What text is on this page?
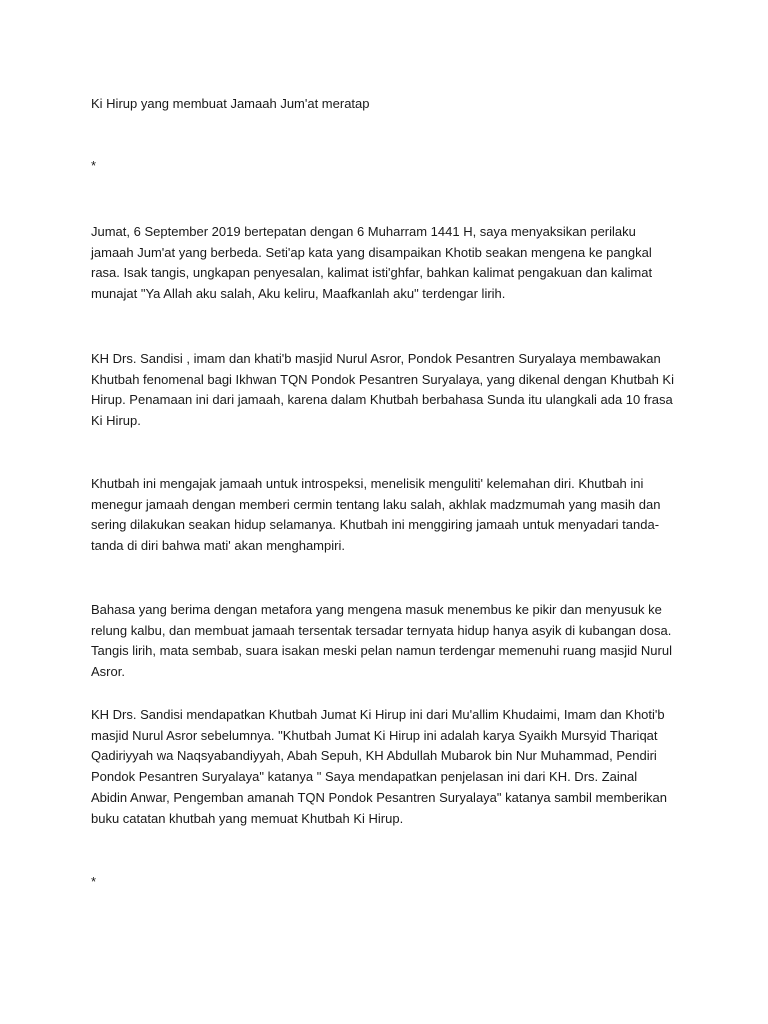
Ki Hirup yang membuat Jamaah Jum'at meratap

*

Jumat, 6 September 2019 bertepatan dengan 6 Muharram 1441 H, saya menyaksikan perilaku jamaah Jum'at yang berbeda. Seti'ap kata yang disampaikan Khotib seakan mengena ke pangkal rasa. Isak tangis, ungkapan penyesalan, kalimat isti'ghfar, bahkan kalimat pengakuan dan kalimat munajat "Ya Allah aku salah, Aku keliru, Maafkanlah aku" terdengar lirih.

KH Drs. Sandisi , imam dan khati'b masjid Nurul Asror, Pondok Pesantren Suryalaya membawakan Khutbah fenomenal bagi Ikhwan TQN Pondok Pesantren Suryalaya, yang dikenal dengan Khutbah Ki Hirup. Penamaan ini dari jamaah, karena dalam Khutbah berbahasa Sunda itu ulangkali ada 10 frasa Ki Hirup.

Khutbah ini mengajak jamaah untuk introspeksi, menelisik menguliti' kelemahan diri. Khutbah ini menegur jamaah dengan memberi cermin tentang laku salah, akhlak madzmumah yang masih dan sering dilakukan seakan hidup selamanya. Khutbah ini menggiring jamaah untuk menyadari tanda-tanda di diri bahwa mati' akan menghampiri.

Bahasa yang berima dengan metafora yang mengena masuk menembus ke pikir dan menyusuk ke relung kalbu, dan membuat jamaah tersentak tersadar ternyata hidup hanya asyik di kubangan dosa. Tangis lirih, mata sembab, suara isakan meski pelan namun terdengar memenuhi ruang masjid Nurul Asror.

KH Drs. Sandisi mendapatkan Khutbah Jumat Ki Hirup ini dari Mu'allim Khudaimi, Imam dan Khoti'b masjid Nurul Asror sebelumnya. "Khutbah Jumat Ki Hirup ini adalah karya Syaikh Mursyid Thariqat Qadiriyyah wa Naqsyabandiyyah, Abah Sepuh, KH Abdullah Mubarok bin Nur Muhammad, Pendiri Pondok Pesantren Suryalaya" katanya " Saya mendapatkan penjelasan ini dari KH. Drs. Zainal Abidin Anwar, Pengemban amanah TQN Pondok Pesantren Suryalaya" katanya sambil memberikan buku catatan khutbah yang memuat Khutbah Ki Hirup.

*
